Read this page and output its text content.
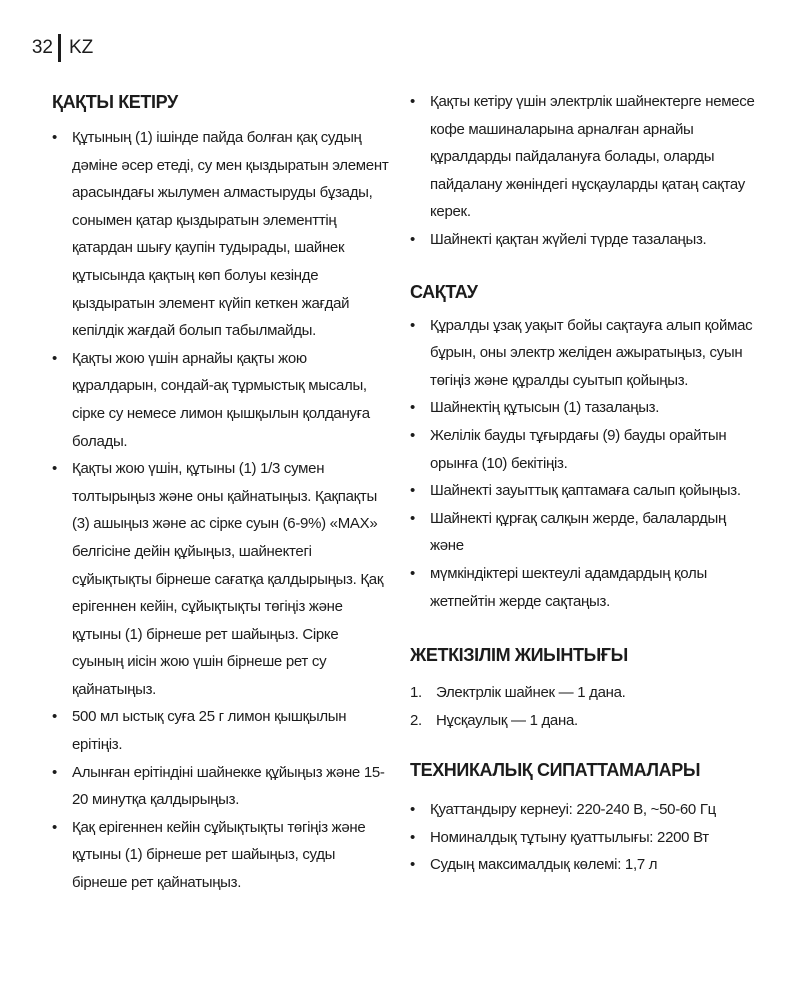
32 KZ
ҚАҚТЫ КЕТІРУ
• Құтының (1) ішінде пайда болған қақ судың дәміне әсер етеді, су мен қыздыратын элемент арасындағы жылумен алмастыруды бұзады, сонымен қатар қыздыратын элементтің қатардан шығу қаупін тудырады, шайнек құтысында қақтың көп болуы кезінде қыздыратын элемент күйіп кеткен жағдай кепілдік жағдай болып табылмайды.
• Қақты жою үшін арнайы қақты жою құралдарын, сондай-ақ тұрмыстық мысалы, сірке су немесе лимон қышқылын қолдануға болады.
• Қақты жою үшін, құтыны (1) 1/3 сумен толтырыңыз және оны қайнатыңыз. Қақпақты (3) ашыңыз және ас сірке суын (6-9%) «MAX» белгісіне дейін құйыңыз, шайнектегі сұйықтықты бірнеше сағатқа қалдырыңыз. Қақ ерігеннен кейін, сұйықтықты төгіңіз және құтыны (1) бірнеше рет шайыңыз. Сірке суының иісін жою үшін бірнеше рет су қайнатыңыз.
• 500 мл ыстық суға 25 г лимон қышқылын ерітіңіз.
• Алынған ерітіндіні шайнекке құйыңыз және 15-20 минутқа қалдырыңыз.
• Қақ ерігеннен кейін сұйықтықты төгіңіз және құтыны (1) бірнеше рет шайыңыз, суды бірнеше рет қайнатыңыз.
• Қақты кетіру үшін электрлік шайнектерге немесе кофе машиналарына арналған арнайы құралдарды пайдалануға болады, оларды пайдалану жөніндегі нұсқауларды қатаң сақтау керек.
• Шайнекті қақтан жүйелі түрде тазалаңыз.
САҚТАУ
• Құралды ұзақ уақыт бойы сақтауға алып қоймас бұрын, оны электр желіден ажыратыңыз, суын төгіңіз және құралды суытып қойыңыз.
• Шайнектің құтысын (1) тазалаңыз.
• Желілік бауды тұғырдағы (9) бауды орайтын орынға (10) бекітіңіз.
• Шайнекті зауыттық қаптамаға салып қойыңыз.
• Шайнекті құрғақ салқын жерде, балалардың және
• мүмкіндіктері шектеулі адамдардың қолы жетпейтін жерде сақтаңыз.
ЖЕТКІЗІЛІМ ЖИЫНТЫҒЫ
1. Электрлік шайнек — 1 дана.
2. Нұсқаулық — 1 дана.
ТЕХНИКАЛЫҚ СИПАТТАМАЛАРЫ
• Қуаттандыру кернеуі: 220-240 В, ~50-60 Гц
• Номиналдық тұтыну қуаттылығы: 2200 Вт
• Судың максималдық көлемі: 1,7 л
